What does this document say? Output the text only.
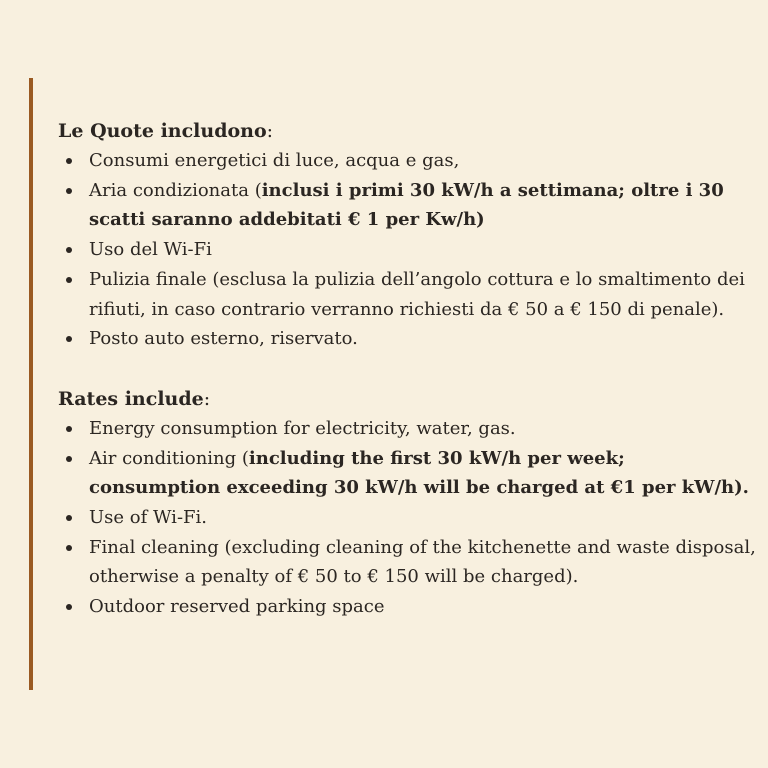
Le Quote includono:
Consumi energetici di luce, acqua e gas,
Aria condizionata (inclusi i primi 30 kW/h a settimana; oltre i 30 scatti saranno addebitati € 1 per Kw/h)
Uso del Wi-Fi
Pulizia finale (esclusa la pulizia dell’angolo cottura e lo smaltimento dei rifiuti, in caso contrario verranno richiesti da € 50 a € 150 di penale).
Posto auto esterno, riservato.
Rates include:
Energy consumption for electricity, water, gas.
Air conditioning (including the first 30 kW/h per week; consumption exceeding 30 kW/h will be charged at €1 per kW/h).
Use of Wi-Fi.
Final cleaning (excluding cleaning of the kitchenette and waste disposal, otherwise a penalty of € 50 to € 150 will be charged).
Outdoor reserved parking space
